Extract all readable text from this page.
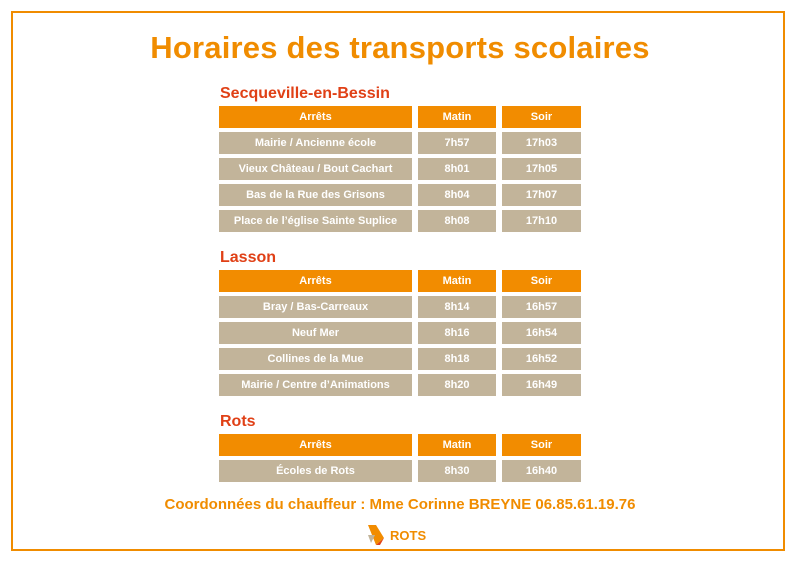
Horaires des transports scolaires
Secqueville-en-Bessin
Arrêts	Matin	Soir
Mairie / Ancienne école	7h57	17h03
Vieux Château / Bout Cachart	8h01	17h05
Bas de la Rue des Grisons	8h04	17h07
Place de l’église Sainte Suplice	8h08	17h10
Lasson
Arrêts	Matin	Soir
Bray / Bas-Carreaux	8h14	16h57
Neuf Mer	8h16	16h54
Collines de la Mue	8h18	16h52
Mairie / Centre d’Animations	8h20	16h49
Rots
Arrêts	Matin	Soir
Écoles de Rots	8h30	16h40
Coordonnées du chauffeur : Mme Corinne BREYNE 06.85.61.19.76
ROTS
